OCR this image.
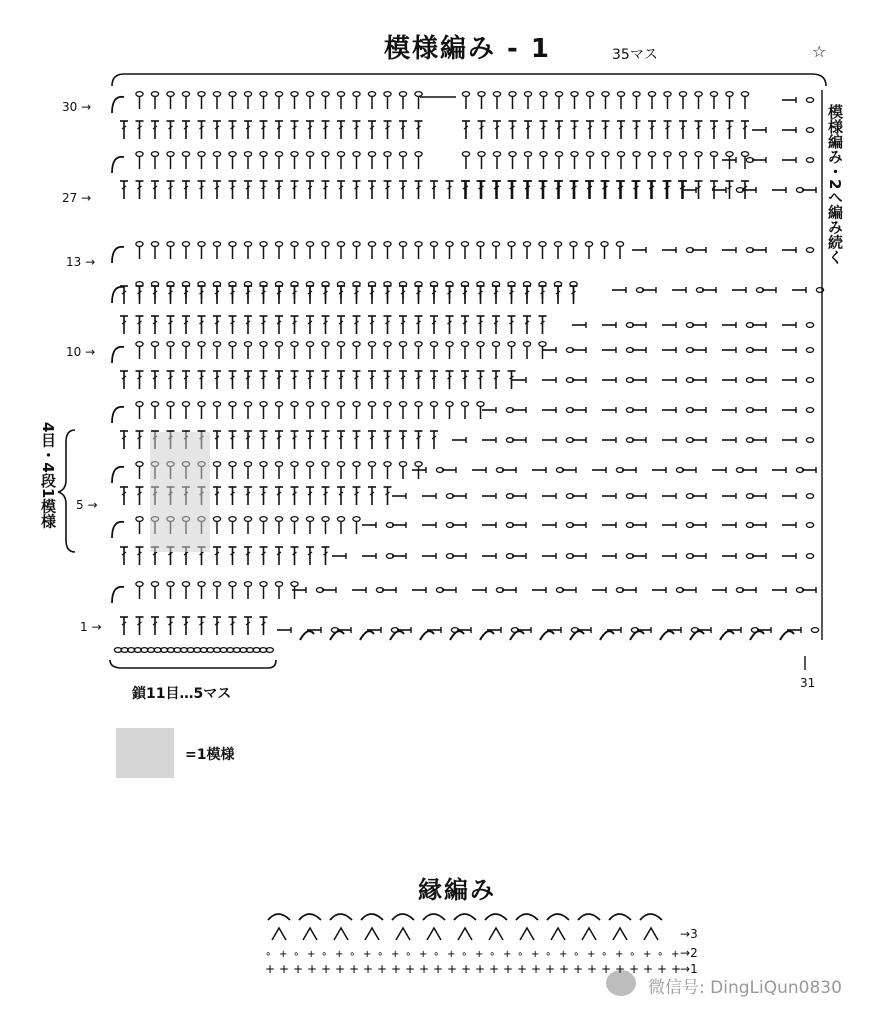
模様編み - 1	35マス	☆
30 →
27 →
13 →
10 →
5 →
1 →
模様編み・2へ編み続く
4目・4段1模様
鎖11目…5マス
31
=1模様
縁編み
→3
→2
→1
微信号: DingLiQun0830
+
∘
+
+
+
∘
+
+
+
∘
+
+
+
∘
+
+
+
∘
+
+
+
∘
+
+
+
∘
+
+
+
∘
+
+
+
∘
+
+
+
∘
+
+
+
∘
+
+
+
∘
+
+
+
∘
+
+
+
∘
+
+
+
∘
+
+
